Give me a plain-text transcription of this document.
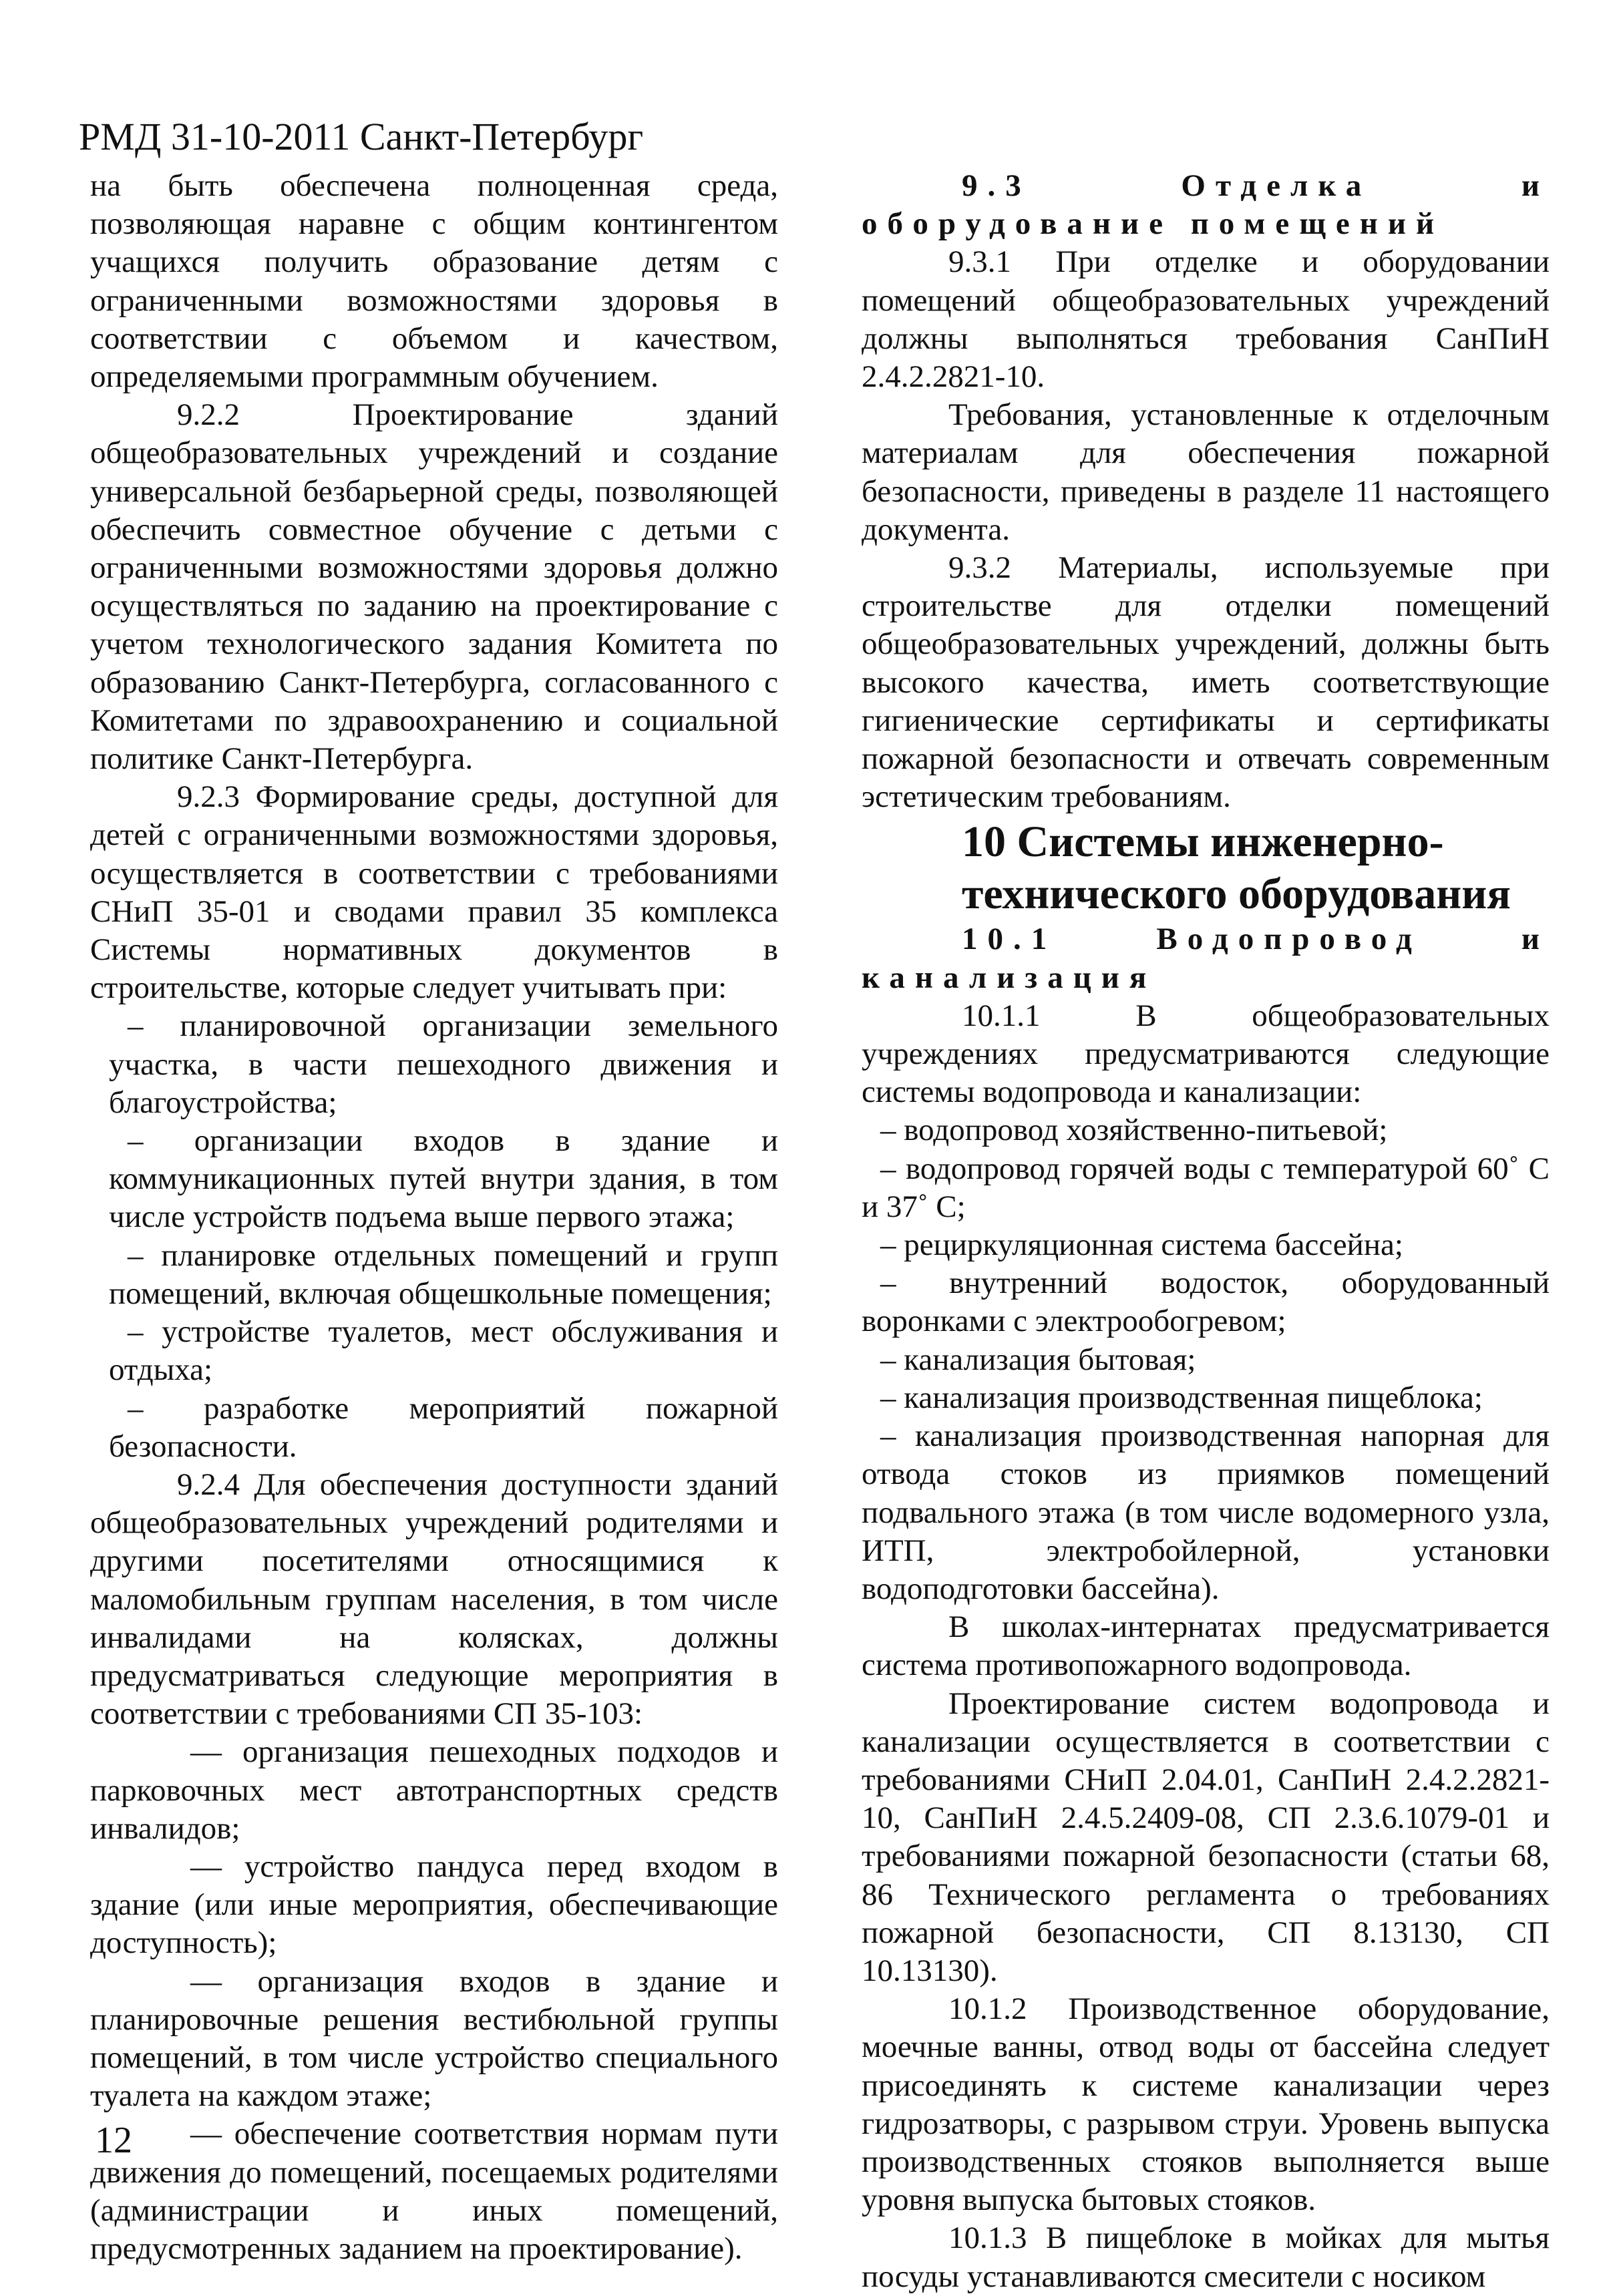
РМД 31-10-2011 Санкт-Петербург

на быть обеспечена полноценная среда, позволяющая наравне с общим контингентом учащихся получить образование детям с ограниченными возможностями здоровья в соответствии с объемом и качеством, определяемыми программным обучением.

9.2.2 Проектирование зданий общеобразовательных учреждений и создание универсальной безбарьерной среды, позволяющей обеспечить совместное обучение с детьми с ограниченными возможностями здоровья должно осуществляться по заданию на проектирование с учетом технологического задания Комитета по образованию Санкт-Петербурга, согласованного с Комитетами по здравоохранению и социальной политике Санкт-Петербурга.

9.2.3 Формирование среды, доступной для детей с ограниченными возможностями здоровья, осуществляется в соответствии с требованиями СНиП 35-01 и сводами правил 35 комплекса Системы нормативных документов в строительстве, которые следует учитывать при:

– планировочной организации земельного участка, в части пешеходного движения и благоустройства;

– организации входов в здание и коммуникационных путей внутри здания, в том числе устройств подъема выше первого этажа;

– планировке отдельных помещений и групп помещений, включая общешкольные помещения;

– устройстве туалетов, мест обслуживания и отдыха;

– разработке мероприятий пожарной безопасности.

9.2.4 Для обеспечения доступности зданий общеобразовательных учреждений родителями и другими посетителями относящимися к маломобильным группам населения, в том числе инвалидами на колясках, должны предусматриваться следующие мероприятия в соответствии с требованиями СП 35-103:

— организация пешеходных подходов и парковочных мест автотранспортных средств инвалидов;

— устройство пандуса перед входом в здание (или иные мероприятия, обеспечивающие доступность);

— организация входов в здание и планировочные решения вестибюльной группы помещений, в том числе устройство специального туалета на каждом этаже;

— обеспечение соответствия нормам пути движения до помещений, посещаемых родителями (администрации и иных помещений, предусмотренных заданием на проектирование).

9.3 Отделка и оборудование помещений

9.3.1 При отделке и оборудовании помещений общеобразовательных учреждений должны выполняться требования СанПиН 2.4.2.2821-10.

Требования, установленные к отделочным материалам для обеспечения пожарной безопасности, приведены в разделе 11 настоящего документа.

9.3.2 Материалы, используемые при строительстве для отделки помещений общеобразовательных учреждений, должны быть высокого качества, иметь соответствующие гигиенические сертификаты и сертификаты пожарной безопасности и отвечать современным эстетическим требованиям.

10 Системы инженерно-технического оборудования

10.1 Водопровод и канализация

10.1.1 В общеобразовательных учреждениях предусматриваются следующие системы водопровода и канализации:

– водопровод хозяйственно-питьевой;

– водопровод горячей воды с температурой 60˚ С и 37˚ С;

– рециркуляционная система бассейна;

– внутренний водосток, оборудованный воронками с электрообогревом;

– канализация бытовая;

– канализация производственная пищеблока;

– канализация производственная напорная для отвода стоков из приямков помещений подвального этажа (в том числе водомерного узла, ИТП, электробойлерной, установки водоподготовки бассейна).

В школах-интернатах предусматривается система противопожарного водопровода.

Проектирование систем водопровода и канализации осуществляется в соответствии с требованиями СНиП 2.04.01, СанПиН 2.4.2.2821-10, СанПиН 2.4.5.2409-08, СП 2.3.6.1079-01 и требованиями пожарной безопасности (статьи 68, 86 Технического регламента о требованиях пожарной безопасности, СП 8.13130, СП 10.13130).

10.1.2 Производственное оборудование, моечные ванны, отвод воды от бассейна следует присоединять к системе канализации через гидрозатворы, с разрывом струи. Уровень выпуска производственных стояков выполняется выше уровня выпуска бытовых стояков.

10.1.3 В пищеблоке в мойках для мытья посуды устанавливаются смесители с носиком

12
